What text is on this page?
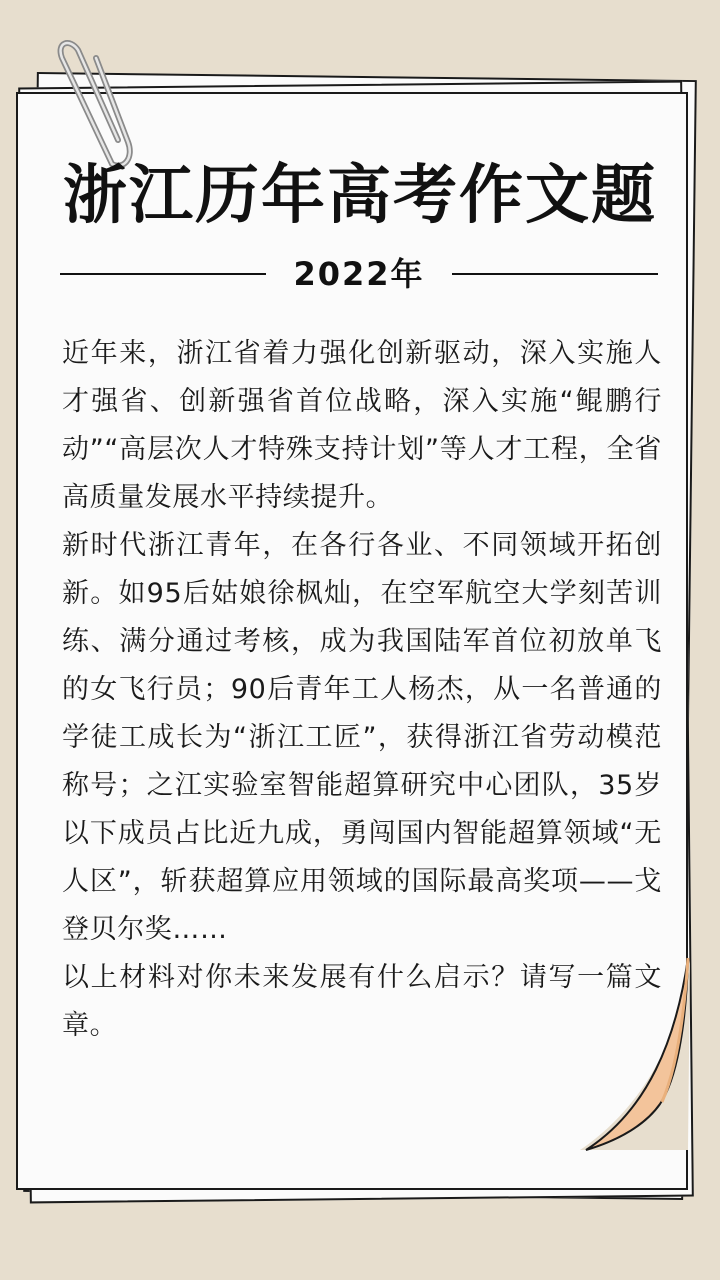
浙江历年高考作文题
2022年

近年来，浙江省着力强化创新驱动，深入实施人才强省、创新强省首位战略，深入实施“鲲鹏行动”“高层次人才特殊支持计划”等人才工程，全省高质量发展水平持续提升。

新时代浙江青年，在各行各业、不同领域开拓创新。如95后姑娘徐枫灿，在空军航空大学刻苦训练、满分通过考核，成为我国陆军首位初放单飞的女飞行员；90后青年工人杨杰，从一名普通的学徒工成长为“浙江工匠”，获得浙江省劳动模范称号；之江实验室智能超算研究中心团队，35岁以下成员占比近九成，勇闯国内智能超算领域“无人区”，斩获超算应用领域的国际最高奖项——戈登贝尔奖……

以上材料对你未来发展有什么启示？请写一篇文章。
